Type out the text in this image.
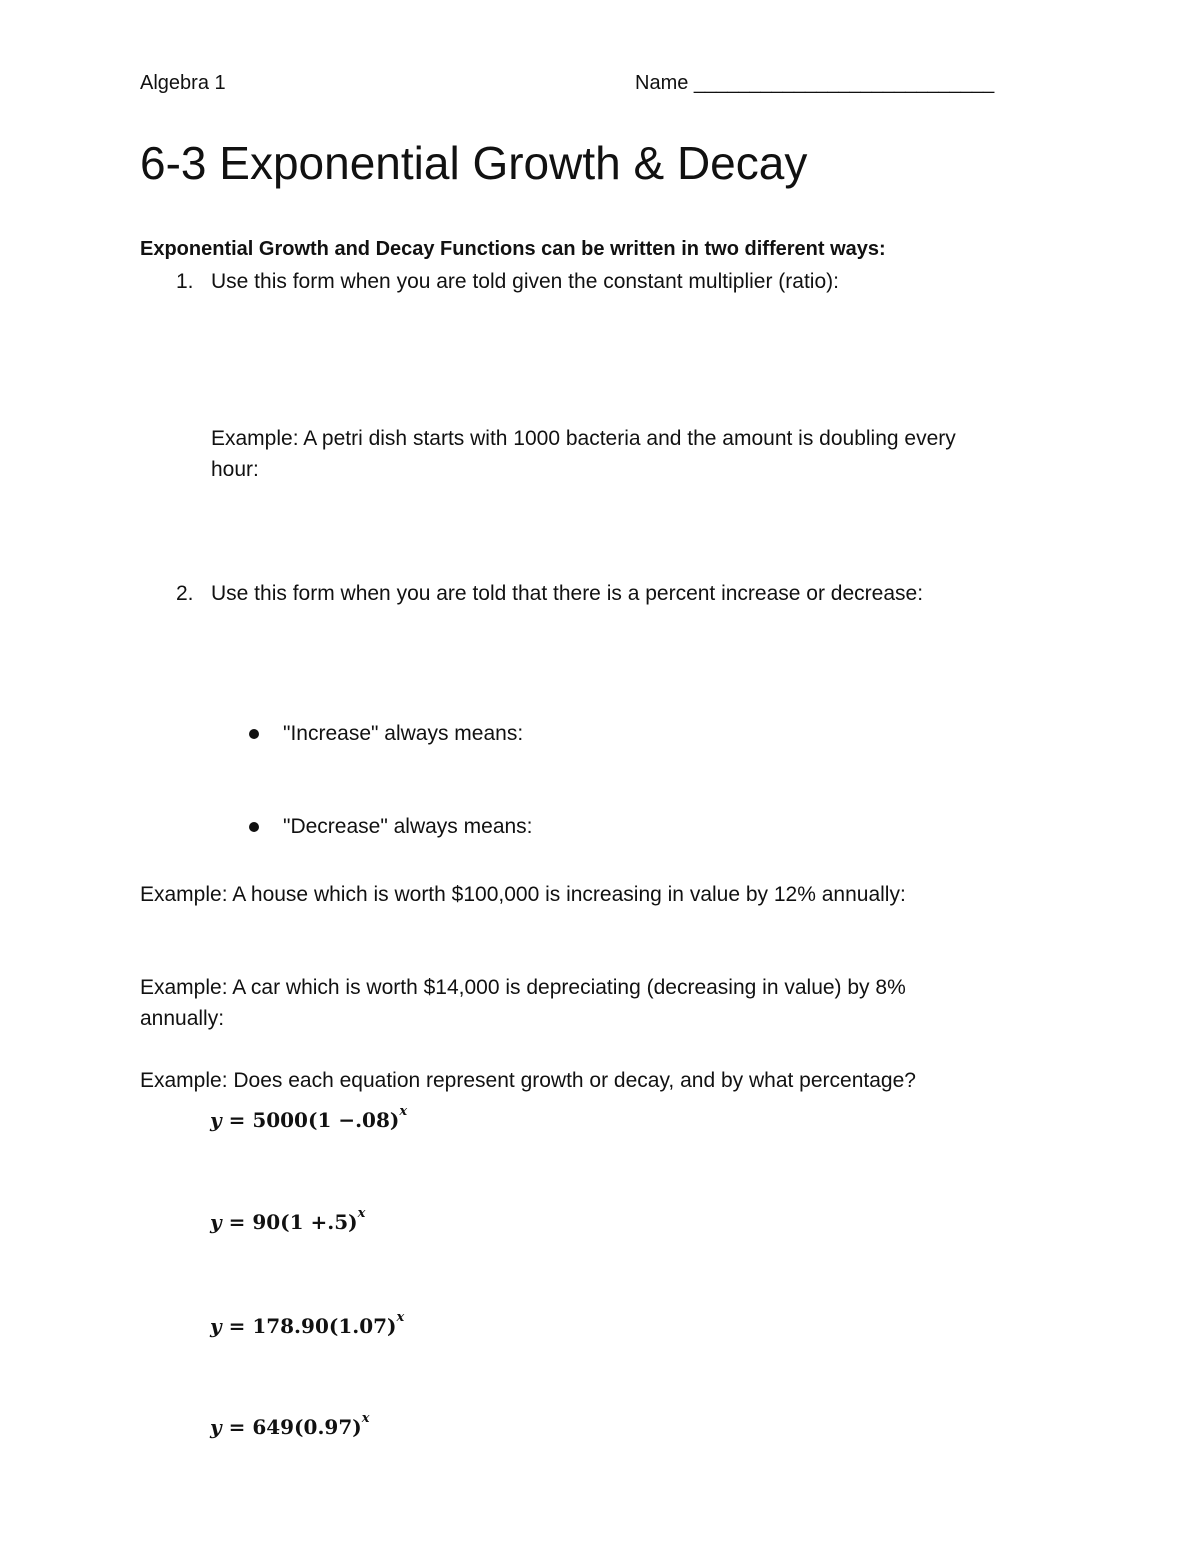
Algebra 1	Name ___________________________
6-3 Exponential Growth & Decay
Exponential Growth and Decay Functions can be written in two different ways:
1. Use this form when you are told given the constant multiplier (ratio):
Example: A petri dish starts with 1000 bacteria and the amount is doubling every
hour:
2. Use this form when you are told that there is a percent increase or decrease:
"Increase" always means:
"Decrease" always means:
Example: A house which is worth $100,000 is increasing in value by 12% annually:
Example: A car which is worth $14,000 is depreciating (decreasing in value) by 8%
annually:
Example: Does each equation represent growth or decay, and by what percentage?
$y = 5000(1 -.08)^x$
$y = 90(1 +.5)^x$
$y = 178.90(1.07)^x$
$y = 649(0.97)^x$
